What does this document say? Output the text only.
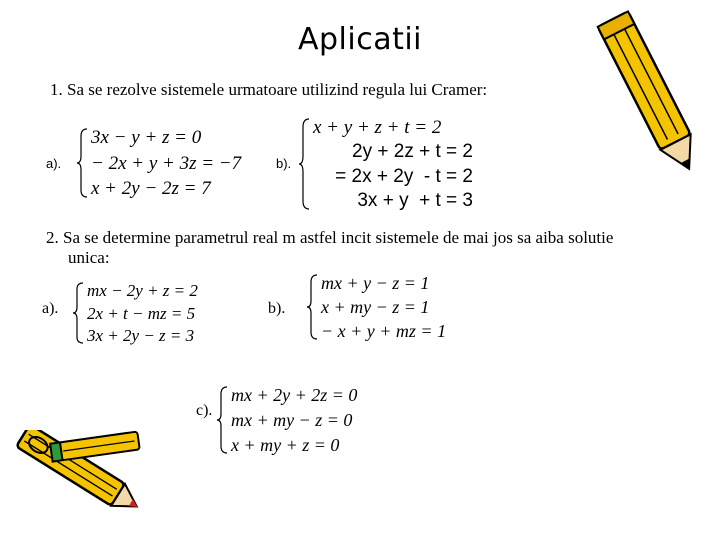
Aplicatii
1. Sa se rezolve sistemele urmatoare utilizind regula lui Cramer:
a).
3x − y + z = 0
− 2x + y + 3z = −7
x + 2y − 2z = 7
b).
x + y + z + t = 2
2y + 2z + t = 2
= 2x + 2y  - t = 2
3x + y  + t = 3
2. Sa se determine parametrul real m astfel incit sistemele de mai jos sa aiba solutie
unica:
a).
mx − 2y + z = 2
2x + t − mz = 5
3x + 2y − z = 3
b).
mx + y − z = 1
x + my − z = 1
− x + y + mz = 1
c).
mx + 2y + 2z = 0
mx + my − z = 0
x + my + z = 0
